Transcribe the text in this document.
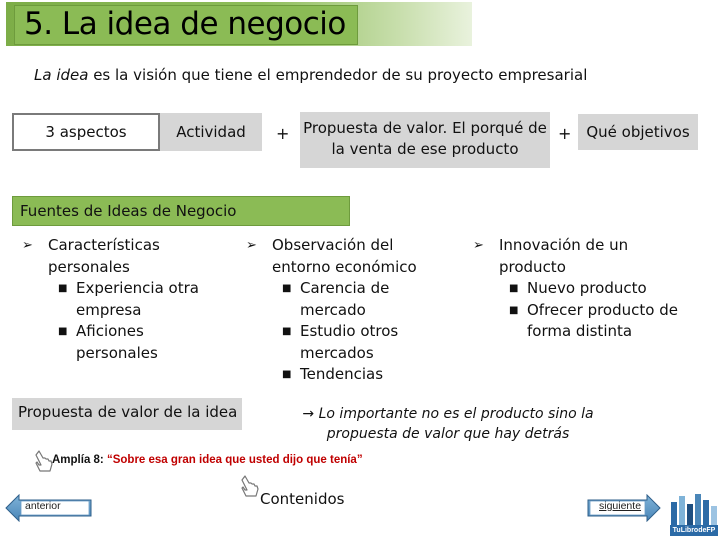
5. La idea de negocio
La idea es la visión que tiene el emprendedor de su proyecto empresarial
3 aspectos	Actividad	+ Propuesta de valor. El porqué de la venta de ese producto
+ Qué objetivos
Fuentes de Ideas de Negocio
➢ Características personales
■ Experiencia otra empresa
■ Aficiones personales
➢ Observación del entorno económico
■ Carencia de mercado
■ Estudio otros mercados
■ Tendencias
➢ Innovación de un producto
■ Nuevo producto
■ Ofrecer producto de forma distinta
Propuesta de valor de la idea	→ Lo importante no es el producto sino la propuesta de valor que hay detrás
Amplía 8: “Sobre esa gran idea que usted dijo que tenía”
Contenidos
anterior	siguiente
TuLibrodeFP
